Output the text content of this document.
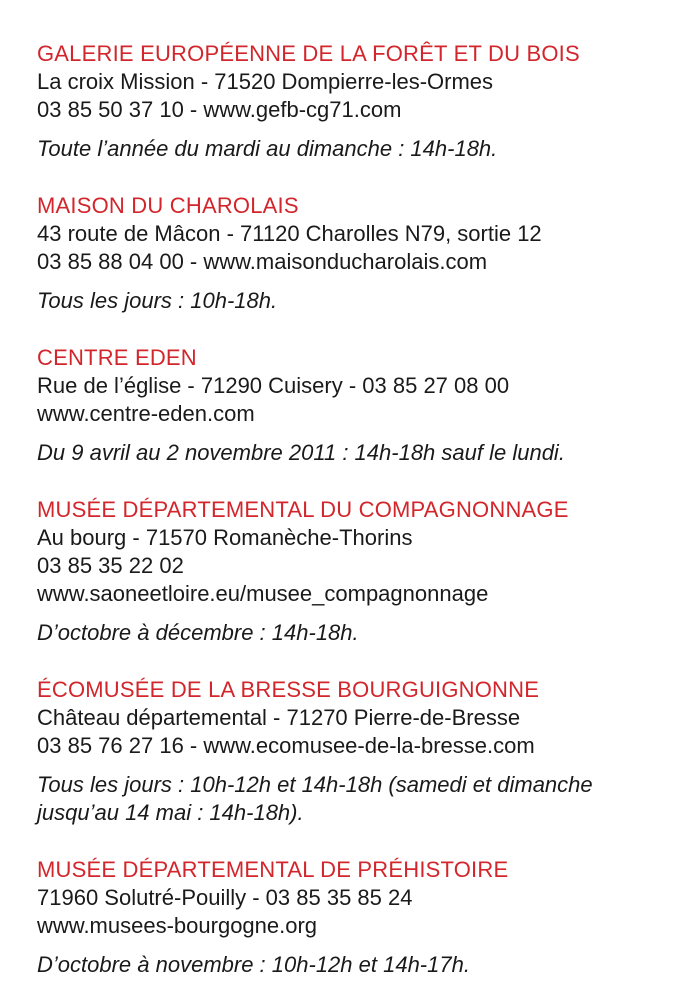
GALERIE EUROPÉENNE DE LA FORÊT ET DU BOIS
La croix Mission - 71520 Dompierre-les-Ormes
03 85 50 37 10 - www.gefb-cg71.com

Toute l’année du mardi au dimanche : 14h-18h.

MAISON DU CHAROLAIS
43 route de Mâcon - 71120 Charolles N79, sortie 12
03 85 88 04 00 - www.maisonducharolais.com

Tous les jours : 10h-18h.

CENTRE EDEN
Rue de l’église - 71290 Cuisery - 03 85 27 08 00
www.centre-eden.com

Du 9 avril au 2 novembre 2011 : 14h-18h sauf le lundi.

MUSÉE DÉPARTEMENTAL DU COMPAGNONNAGE
Au bourg - 71570 Romanèche-Thorins
03 85 35 22 02
www.saoneetloire.eu/musee_compagnonnage

D’octobre à décembre : 14h-18h.

ÉCOMUSÉE DE LA BRESSE BOURGUIGNONNE
Château départemental - 71270 Pierre-de-Bresse
03 85 76 27 16 - www.ecomusee-de-la-bresse.com

Tous les jours : 10h-12h et 14h-18h (samedi et dimanche jusqu’au 14 mai : 14h-18h).

MUSÉE DÉPARTEMENTAL DE PRÉHISTOIRE
71960 Solutré-Pouilly - 03 85 35 85 24
www.musees-bourgogne.org

D’octobre à novembre : 10h-12h et 14h-17h.
